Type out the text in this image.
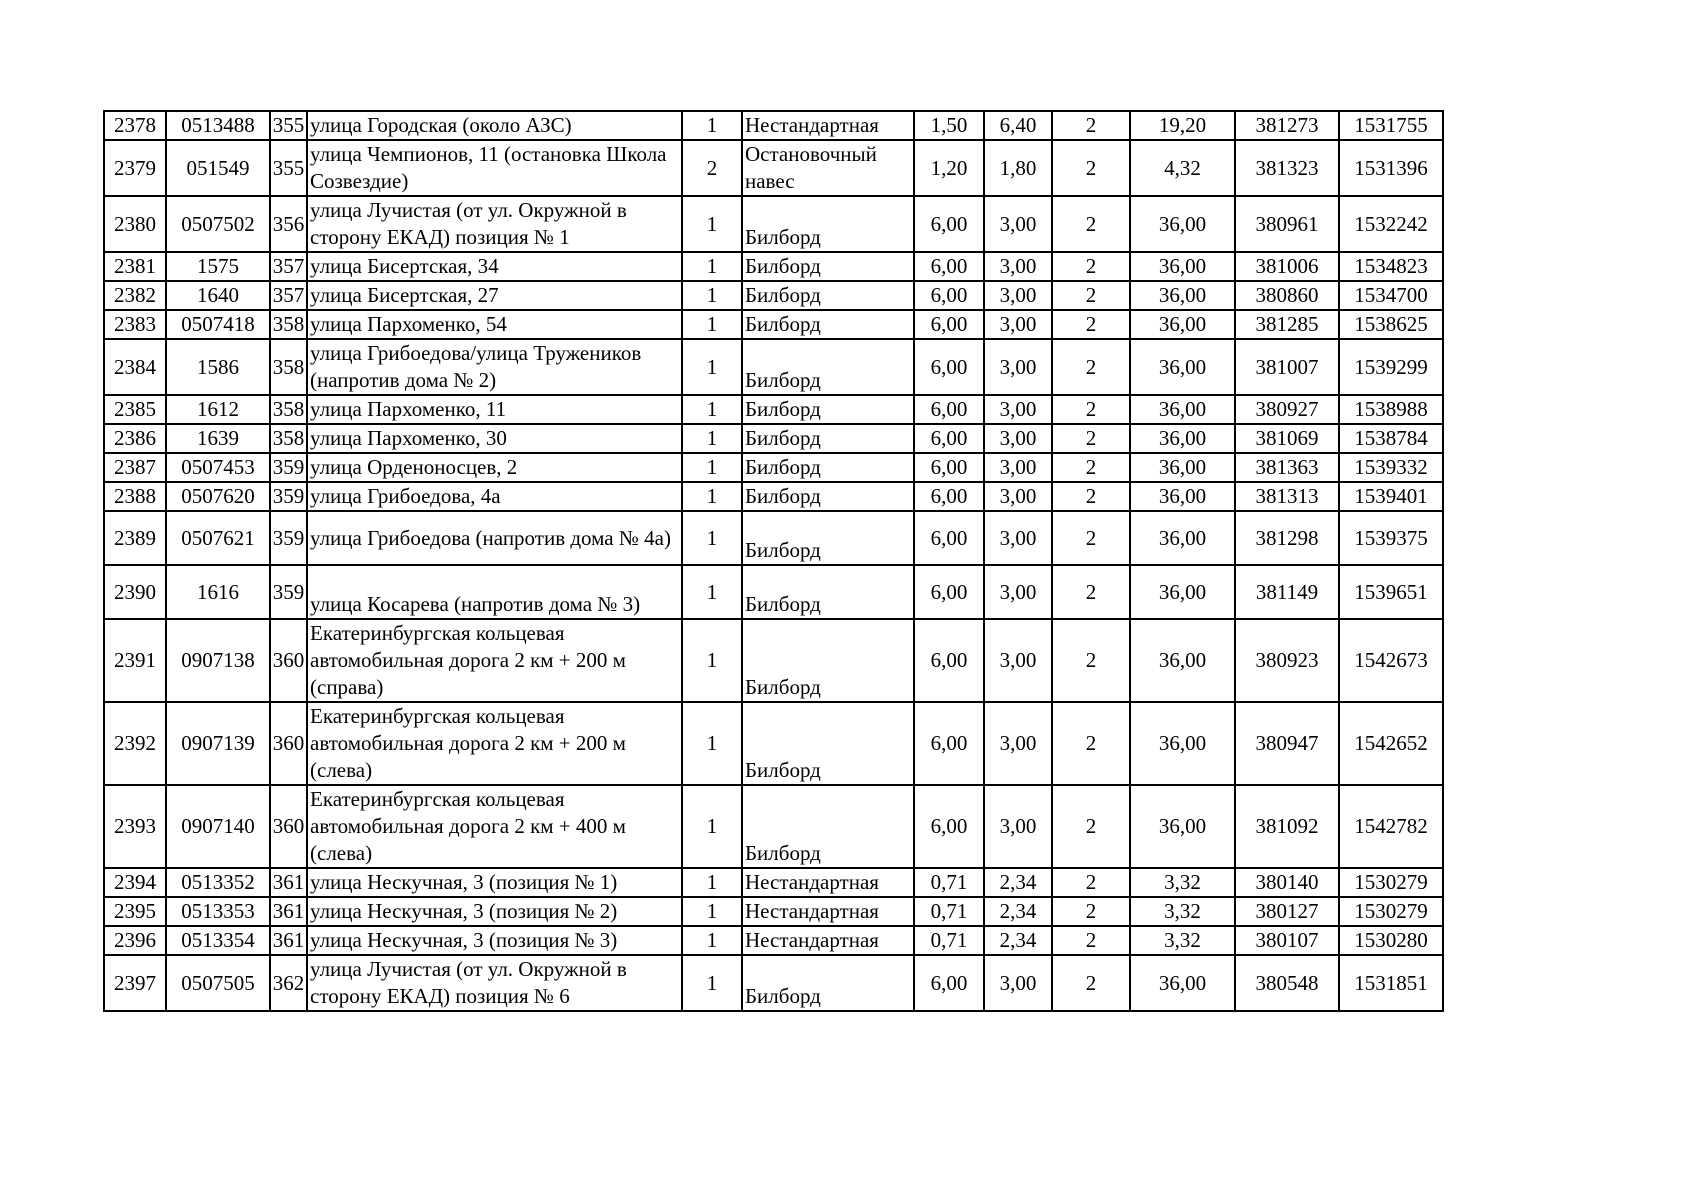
2378	0513488	355	улица Городская (около АЗС)	1	Нестандартная	1,50	6,40	2	19,20	381273	1531755
2379	051549	355	улица Чемпионов, 11 (остановка Школа Созвездие)	2	Остановочный навес	1,20	1,80	2	4,32	381323	1531396
2380	0507502	356	улица Лучистая (от ул. Окружной в сторону ЕКАД) позиция № 1	1	Билборд	6,00	3,00	2	36,00	380961	1532242
2381	1575	357	улица Бисертская, 34	1	Билборд	6,00	3,00	2	36,00	381006	1534823
2382	1640	357	улица Бисертская, 27	1	Билборд	6,00	3,00	2	36,00	380860	1534700
2383	0507418	358	улица Пархоменко, 54	1	Билборд	6,00	3,00	2	36,00	381285	1538625
2384	1586	358	улица Грибоедова/улица Тружеников (напротив дома № 2)	1	Билборд	6,00	3,00	2	36,00	381007	1539299
2385	1612	358	улица Пархоменко, 11	1	Билборд	6,00	3,00	2	36,00	380927	1538988
2386	1639	358	улица Пархоменко, 30	1	Билборд	6,00	3,00	2	36,00	381069	1538784
2387	0507453	359	улица Орденоносцев, 2	1	Билборд	6,00	3,00	2	36,00	381363	1539332
2388	0507620	359	улица Грибоедова, 4а	1	Билборд	6,00	3,00	2	36,00	381313	1539401
2389	0507621	359	улица Грибоедова (напротив дома № 4а)	1	Билборд	6,00	3,00	2	36,00	381298	1539375
2390	1616	359	улица Косарева (напротив дома № 3)	1	Билборд	6,00	3,00	2	36,00	381149	1539651
2391	0907138	360	Екатеринбургская кольцевая автомобильная дорога 2 км + 200 м (справа)	1	Билборд	6,00	3,00	2	36,00	380923	1542673
2392	0907139	360	Екатеринбургская кольцевая автомобильная дорога 2 км + 200 м (слева)	1	Билборд	6,00	3,00	2	36,00	380947	1542652
2393	0907140	360	Екатеринбургская кольцевая автомобильная дорога 2 км + 400 м (слева)	1	Билборд	6,00	3,00	2	36,00	381092	1542782
2394	0513352	361	улица Нескучная, 3 (позиция № 1)	1	Нестандартная	0,71	2,34	2	3,32	380140	1530279
2395	0513353	361	улица Нескучная, 3 (позиция № 2)	1	Нестандартная	0,71	2,34	2	3,32	380127	1530279
2396	0513354	361	улица Нескучная, 3 (позиция № 3)	1	Нестандартная	0,71	2,34	2	3,32	380107	1530280
2397	0507505	362	улица Лучистая (от ул. Окружной в сторону ЕКАД) позиция № 6	1	Билборд	6,00	3,00	2	36,00	380548	1531851
